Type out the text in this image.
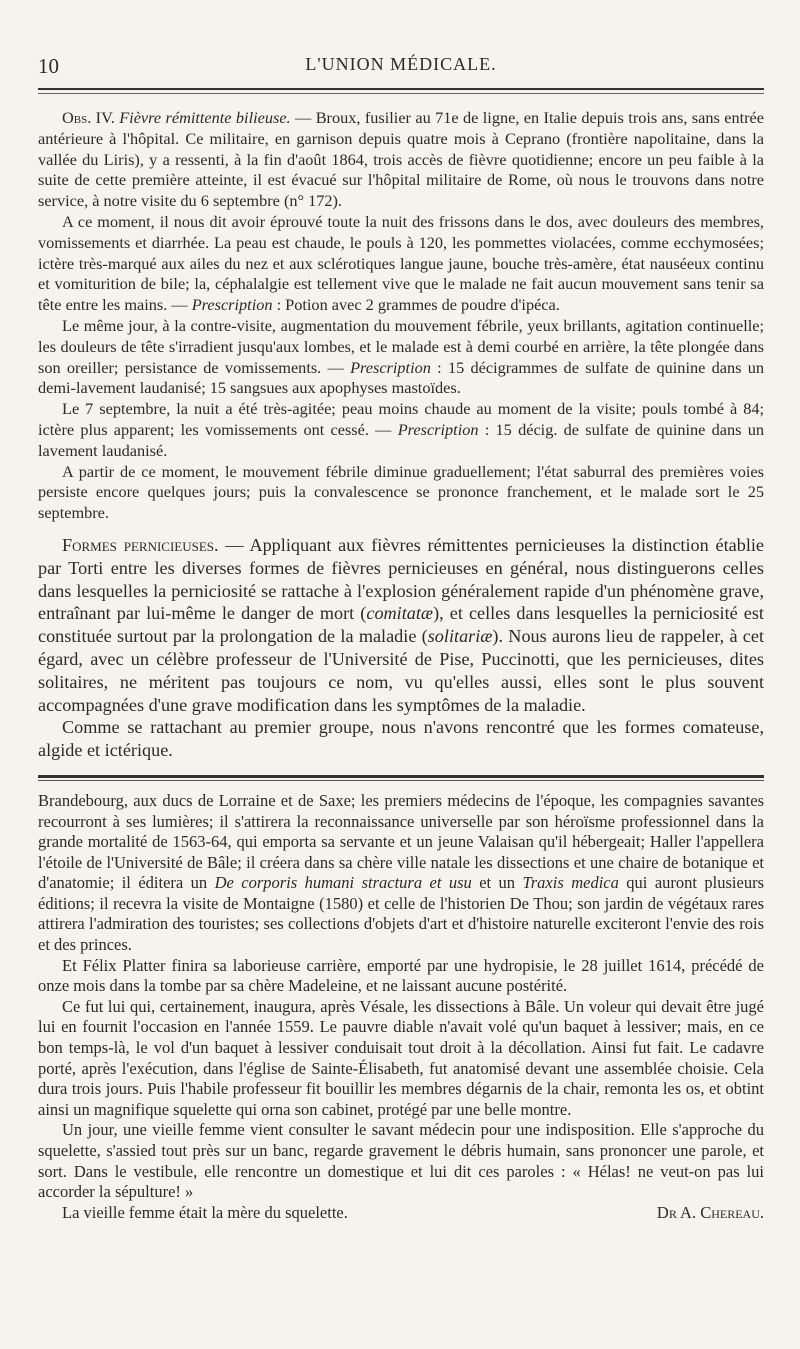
10	L'UNION MÉDICALE.

Obs. IV. Fièvre rémittente bilieuse. — Broux, fusilier au 71e de ligne, en Italie depuis trois ans, sans entrée antérieure à l'hôpital. Ce militaire, en garnison depuis quatre mois à Ceprano (frontière napolitaine, dans la vallée du Liris), y a ressenti, à la fin d'août 1864, trois accès de fièvre quotidienne; encore un peu faible à la suite de cette première atteinte, il est évacué sur l'hôpital militaire de Rome, où nous le trouvons dans notre service, à notre visite du 6 septembre (n° 172).

A ce moment, il nous dit avoir éprouvé toute la nuit des frissons dans le dos, avec douleurs des membres, vomissements et diarrhée. La peau est chaude, le pouls à 120, les pommettes violacées, comme ecchymosées; ictère très-marqué aux ailes du nez et aux sclérotiques langue jaune, bouche très-amère, état nauséeux continu et vomiturition de bile; la, céphalalgie est tellement vive que le malade ne fait aucun mouvement sans tenir sa tête entre les mains. — Prescription : Potion avec 2 grammes de poudre d'ipéca.

Le même jour, à la contre-visite, augmentation du mouvement fébrile, yeux brillants, agitation continuelle; les douleurs de tête s'irradient jusqu'aux lombes, et le malade est à demi courbé en arrière, la tête plongée dans son oreiller; persistance de vomissements. — Prescription : 15 décigrammes de sulfate de quinine dans un demi-lavement laudanisé; 15 sangsues aux apophyses mastoïdes.

Le 7 septembre, la nuit a été très-agitée; peau moins chaude au moment de la visite; pouls tombé à 84; ictère plus apparent; les vomissements ont cessé. — Prescription : 15 décig. de sulfate de quinine dans un lavement laudanisé.

A partir de ce moment, le mouvement fébrile diminue graduellement; l'état saburral des premières voies persiste encore quelques jours; puis la convalescence se prononce franchement, et le malade sort le 25 septembre.

Formes pernicieuses. — Appliquant aux fièvres rémittentes pernicieuses la distinction établie par Torti entre les diverses formes de fièvres pernicieuses en général, nous distinguerons celles dans lesquelles la perniciosité se rattache à l'explosion généralement rapide d'un phénomène grave, entraînant par lui-même le danger de mort (comitatæ), et celles dans lesquelles la perniciosité est constituée surtout par la prolongation de la maladie (solitariæ). Nous aurons lieu de rappeler, à cet égard, avec un célèbre professeur de l'Université de Pise, Puccinotti, que les pernicieuses, dites solitaires, ne méritent pas toujours ce nom, vu qu'elles aussi, elles sont le plus souvent accompagnées d'une grave modification dans les symptômes de la maladie.

Comme se rattachant au premier groupe, nous n'avons rencontré que les formes comateuse, algide et ictérique.

Brandebourg, aux ducs de Lorraine et de Saxe; les premiers médecins de l'époque, les compagnies savantes recourront à ses lumières; il s'attirera la reconnaissance universelle par son héroïsme professionnel dans la grande mortalité de 1563-64, qui emporta sa servante et un jeune Valaisan qu'il hébergeait; Haller l'appellera l'étoile de l'Université de Bâle; il créera dans sa chère ville natale les dissections et une chaire de botanique et d'anatomie; il éditera un De corporis humani stractura et usu et un Traxis medica qui auront plusieurs éditions; il recevra la visite de Montaigne (1580) et celle de l'historien De Thou; son jardin de végétaux rares attirera l'admiration des touristes; ses collections d'objets d'art et d'histoire naturelle exciteront l'envie des rois et des princes.

Et Félix Platter finira sa laborieuse carrière, emporté par une hydropisie, le 28 juillet 1614, précédé de onze mois dans la tombe par sa chère Madeleine, et ne laissant aucune postérité.

Ce fut lui qui, certainement, inaugura, après Vésale, les dissections à Bâle. Un voleur qui devait être jugé lui en fournit l'occasion en l'année 1559. Le pauvre diable n'avait volé qu'un baquet à lessiver; mais, en ce bon temps-là, le vol d'un baquet à lessiver conduisait tout droit à la décollation. Ainsi fut fait. Le cadavre porté, après l'exécution, dans l'église de Sainte-Élisabeth, fut anatomisé devant une assemblée choisie. Cela dura trois jours. Puis l'habile professeur fit bouillir les membres dégarnis de la chair, remonta les os, et obtint ainsi un magnifique squelette qui orna son cabinet, protégé par une belle montre.

Un jour, une vieille femme vient consulter le savant médecin pour une indisposition. Elle s'approche du squelette, s'assied tout près sur un banc, regarde gravement le débris humain, sans prononcer une parole, et sort. Dans le vestibule, elle rencontre un domestique et lui dit ces paroles : « Hélas! ne veut-on pas lui accorder la sépulture! »

La vieille femme était la mère du squelette.	Dr A. Chereau.
